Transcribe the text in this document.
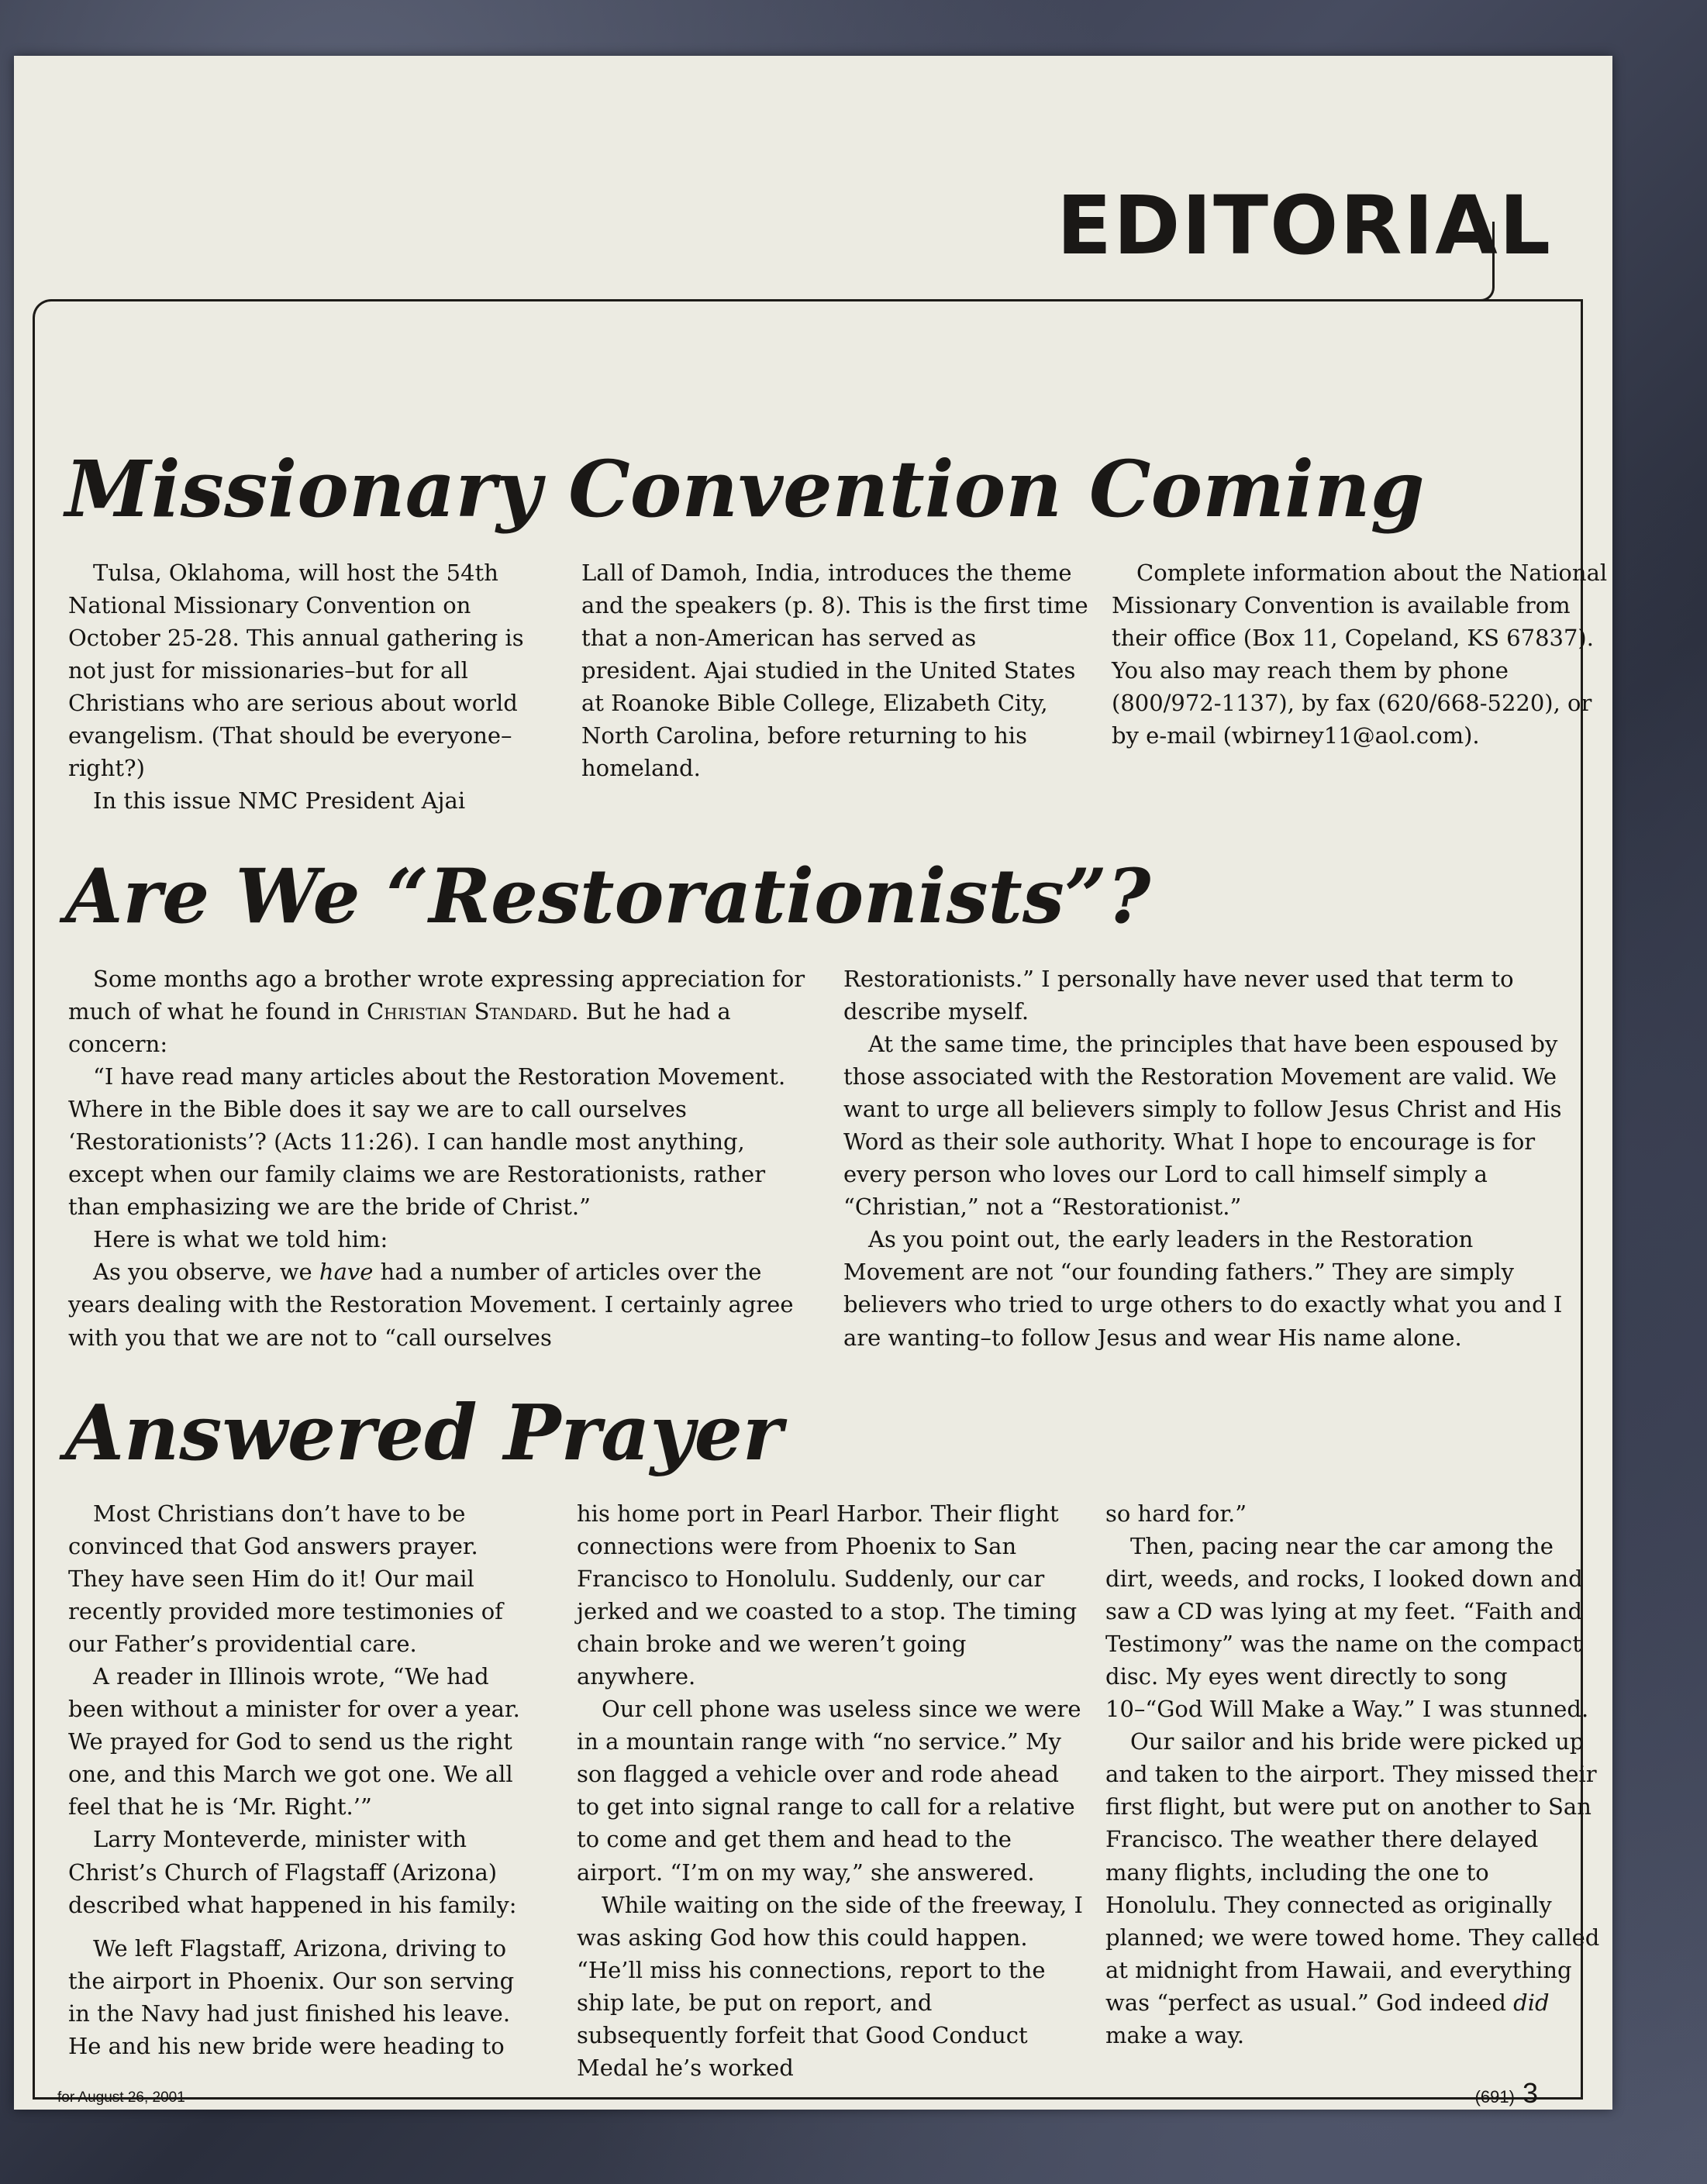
EDITORIAL
Missionary Convention Coming

Tulsa, Oklahoma, will host the 54th National Missionary Convention on October 25-28. This annual gathering is not just for missionaries–but for all Christians who are serious about world evangelism. (That should be everyone–right?)

In this issue NMC President Ajai

Lall of Damoh, India, introduces the theme and the speakers (p. 8). This is the first time that a non-American has served as president. Ajai studied in the United States at Roanoke Bible College, Elizabeth City, North Carolina, before returning to his homeland.

Complete information about the National Missionary Convention is available from their office (Box 11, Copeland, KS 67837). You also may reach them by phone (800/972-1137), by fax (620/668-5220), or by e-mail (wbirney11@aol.com).

Are We “Restorationists”?

Some months ago a brother wrote expressing appreciation for much of what he found in Christian Standard. But he had a concern:

“I have read many articles about the Restoration Movement. Where in the Bible does it say we are to call ourselves ‘Restorationists’? (Acts 11:26). I can handle most anything, except when our family claims we are Restorationists, rather than emphasizing we are the bride of Christ.”

Here is what we told him:

As you observe, we have had a number of articles over the years dealing with the Restoration Movement. I certainly agree with you that we are not to “call ourselves

Restorationists.” I personally have never used that term to describe myself.

At the same time, the principles that have been espoused by those associated with the Restoration Movement are valid. We want to urge all believers simply to follow Jesus Christ and His Word as their sole authority. What I hope to encourage is for every person who loves our Lord to call himself simply a “Christian,” not a “Restorationist.”

As you point out, the early leaders in the Restoration Movement are not “our founding fathers.” They are simply believers who tried to urge others to do exactly what you and I are wanting–to follow Jesus and wear His name alone.

Answered Prayer

Most Christians don’t have to be convinced that God answers prayer. They have seen Him do it! Our mail recently provided more testimonies of our Father’s providential care.

A reader in Illinois wrote, “We had been without a minister for over a year. We prayed for God to send us the right one, and this March we got one. We all feel that he is ‘Mr. Right.’”

Larry Monteverde, minister with Christ’s Church of Flagstaff (Arizona) described what happened in his family:

We left Flagstaff, Arizona, driving to the airport in Phoenix. Our son serving in the Navy had just finished his leave. He and his new bride were heading to

his home port in Pearl Harbor. Their flight connections were from Phoenix to San Francisco to Honolulu. Suddenly, our car jerked and we coasted to a stop. The timing chain broke and we weren’t going anywhere.

Our cell phone was useless since we were in a mountain range with “no service.” My son flagged a vehicle over and rode ahead to get into signal range to call for a relative to come and get them and head to the airport. “I’m on my way,” she answered.

While waiting on the side of the freeway, I was asking God how this could happen. “He’ll miss his connections, report to the ship late, be put on report, and subsequently forfeit that Good Conduct Medal he’s worked

so hard for.”

Then, pacing near the car among the dirt, weeds, and rocks, I looked down and saw a CD was lying at my feet. “Faith and Testimony” was the name on the compact disc. My eyes went directly to song 10–“God Will Make a Way.” I was stunned.

Our sailor and his bride were picked up and taken to the airport. They missed their first flight, but were put on another to San Francisco. The weather there delayed many flights, including the one to Honolulu. They connected as originally planned; we were towed home. They called at midnight from Hawaii, and everything was “perfect as usual.” God indeed did make a way.

for August 26, 2001	(691) 3
